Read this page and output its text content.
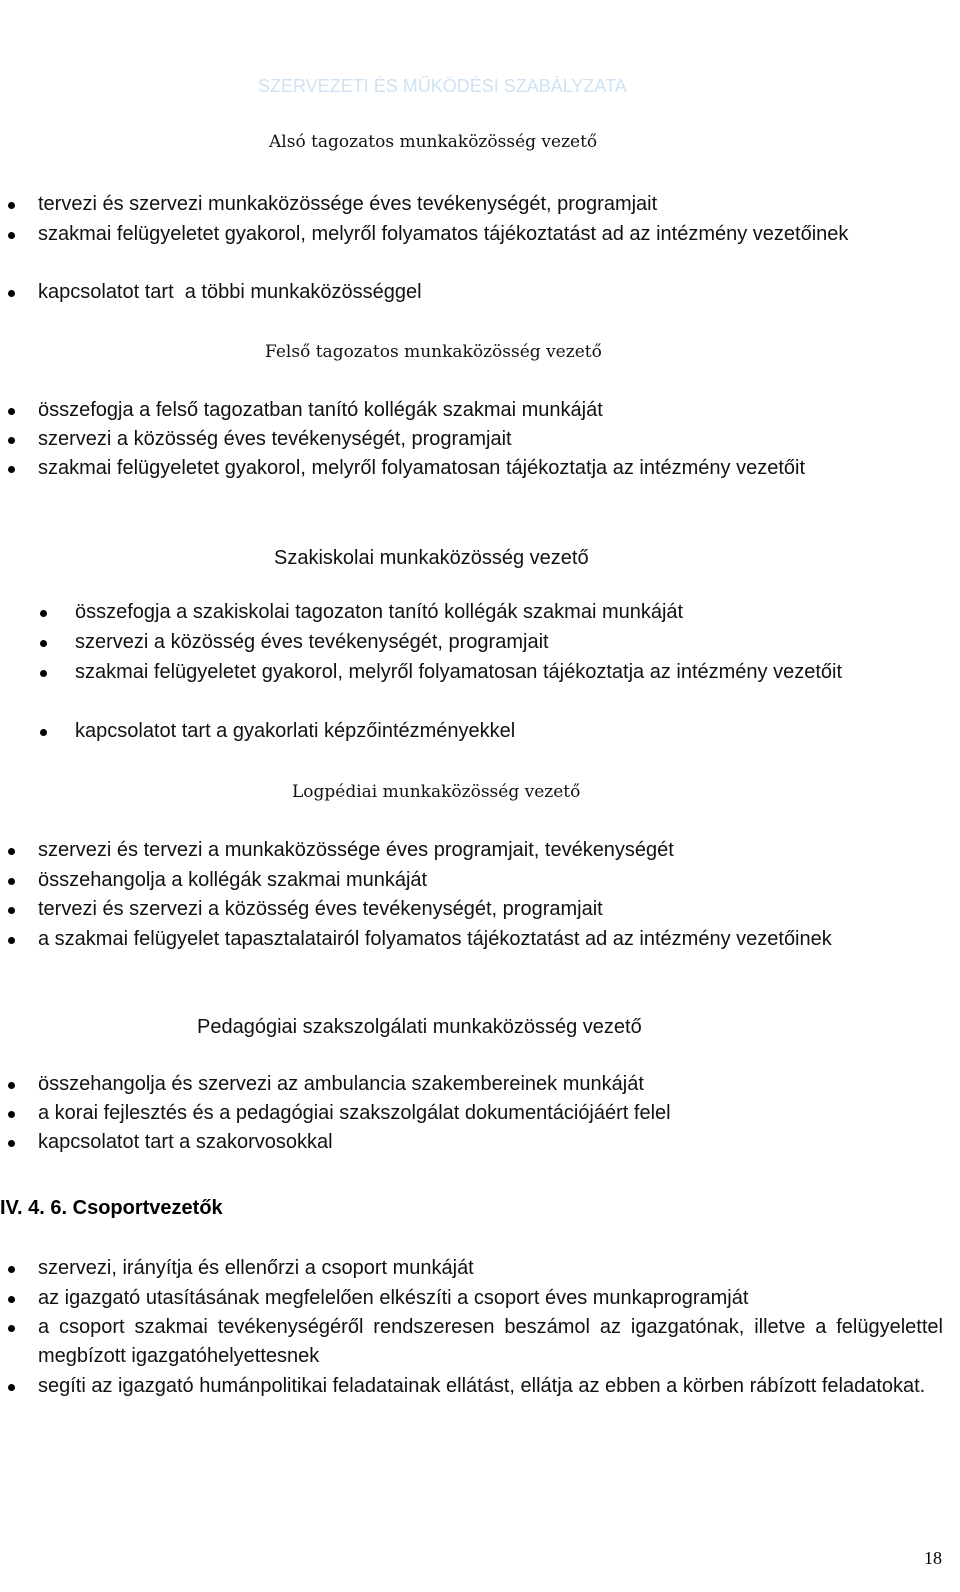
Aranyhíd Nevelési - Oktatási Integrációs Központ, Egységes Gyógypedagógiai, Konduktív Pedagógiai
Módszertani Intézmény, Óvoda, Általános Iskola és Speciális Szakiskola
SZERVEZETI ÉS MŰKÖDÉSI SZABÁLYZATA
Alsó tagozatos munkaközösség vezető
tervezi és szervezi munkaközössége éves tevékenységét, programjait
szakmai felügyeletet gyakorol, melyről folyamatos tájékoztatást ad az intézmény vezetőinek
kapcsolatot tart  a többi munkaközösséggel
Felső tagozatos munkaközösség vezető
összefogja a felső tagozatban tanító kollégák szakmai munkáját
szervezi a közösség éves tevékenységét, programjait
szakmai felügyeletet gyakorol, melyről folyamatosan tájékoztatja az intézmény vezetőit
Szakiskolai munkaközösség vezető
összefogja a szakiskolai tagozaton tanító kollégák szakmai munkáját
szervezi a közösség éves tevékenységét, programjait
szakmai felügyeletet gyakorol, melyről folyamatosan tájékoztatja az intézmény vezetőit
kapcsolatot tart a gyakorlati képzőintézményekkel
Logpédiai munkaközösség vezető
szervezi és tervezi a munkaközössége éves programjait, tevékenységét
összehangolja a kollégák szakmai munkáját
tervezi és szervezi a közösség éves tevékenységét, programjait
a szakmai felügyelet tapasztalatairól folyamatos tájékoztatást ad az intézmény vezetőinek
Pedagógiai szakszolgálati munkaközösség vezető
összehangolja és szervezi az ambulancia szakembereinek munkáját
a korai fejlesztés és a pedagógiai szakszolgálat dokumentációjáért felel
kapcsolatot tart a szakorvosokkal
IV. 4. 6. Csoportvezetők
szervezi, irányítja és ellenőrzi a csoport munkáját
az igazgató utasításának megfelelően elkészíti a csoport éves munkaprogramját
a csoport szakmai tevékenységéről rendszeresen beszámol az igazgatónak, illetve a felügyelettel megbízott igazgatóhelyettesnek
segíti az igazgató humánpolitikai feladatainak ellátást, ellátja az ebben a körben rábízott feladatokat.
18
